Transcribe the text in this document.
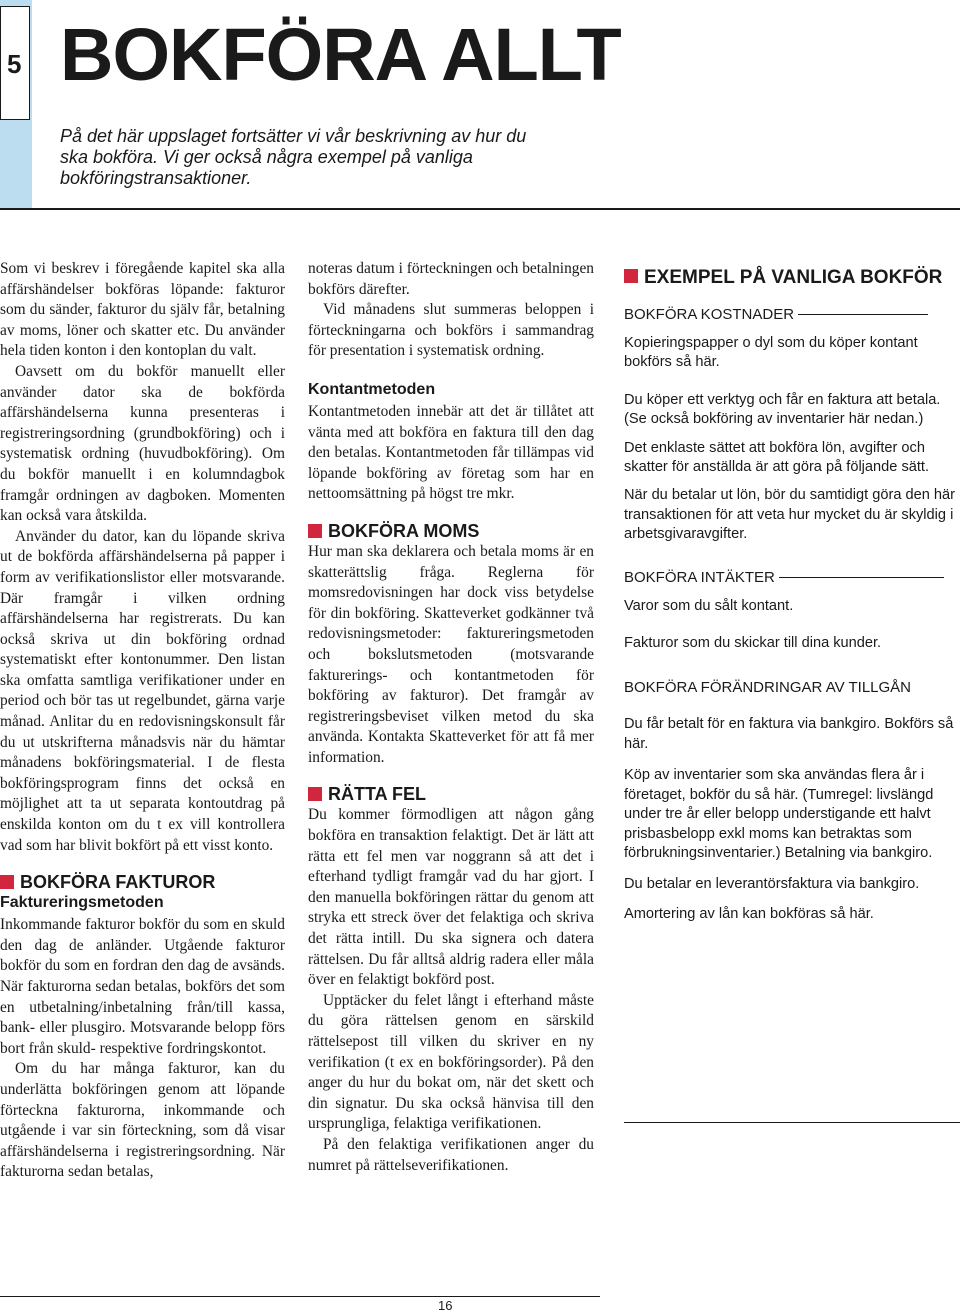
5 BOKFÖRA ALLT
På det här uppslaget fortsätter vi vår beskrivning av hur du ska bokföra. Vi ger också några exempel på vanliga bokföringstransaktioner.

Som vi beskrev i föregående kapitel ska alla affärshändelser bokföras löpande: fakturor som du sänder, fakturor du själv får, betalning av moms, löner och skatter etc. Du använder hela tiden konton i den kontoplan du valt.

Oavsett om du bokför manuellt eller använder dator ska de bokförda affärshändelserna kunna presenteras i registreringsordning (grundbokföring) och i systematisk ordning (huvudbokföring). Om du bokför manuellt i en kolumndagbok framgår ordningen av dagboken. Momenten kan också vara åtskilda.

Använder du dator, kan du löpande skriva ut de bokförda affärshändelserna på papper i form av verifikationslistor eller motsvarande. Där framgår i vilken ordning affärshändelserna har registrerats. Du kan också skriva ut din bokföring ordnad systematiskt efter kontonummer. Den listan ska omfatta samtliga verifikationer under en period och bör tas ut regelbundet, gärna varje månad. Anlitar du en redovisningskonsult får du ut utskrifterna månadsvis när du hämtar månadens bokföringsmaterial. I de flesta bokföringsprogram finns det också en möjlighet att ta ut separata kontoutdrag på enskilda konton om du t ex vill kontrollera vad som har blivit bokfört på ett visst konto.

BOKFÖRA FAKTUROR
Faktureringsmetoden

Inkommande fakturor bokför du som en skuld den dag de anländer. Utgående fakturor bokför du som en fordran den dag de avsänds. När fakturorna sedan betalas, bokförs det som en utbetalning/inbetalning från/till kassa, bank- eller plusgiro. Motsvarande belopp förs bort från skuld- respektive fordringskontot.

Om du har många fakturor, kan du underlätta bokföringen genom att löpande förteckna fakturorna, inkommande och utgående i var sin förteckning, som då visar affärshändelserna i registreringsordning. När fakturorna sedan betalas,

noteras datum i förteckningen och betalningen bokförs därefter.

Vid månadens slut summeras beloppen i förteckningarna och bokförs i sammandrag för presentation i systematisk ordning.

Kontantmetoden

Kontantmetoden innebär att det är tillåtet att vänta med att bokföra en faktura till den dag den betalas. Kontantmetoden får tillämpas vid löpande bokföring av företag som har en nettoomsättning på högst tre mkr.

BOKFÖRA MOMS

Hur man ska deklarera och betala moms är en skatterättslig fråga. Reglerna för momsredovisningen har dock viss betydelse för din bokföring. Skatteverket godkänner två redovisningsmetoder: faktureringsmetoden och bokslutsmetoden (motsvarande fakturerings- och kontantmetoden för bokföring av fakturor). Det framgår av registreringsbeviset vilken metod du ska använda. Kontakta Skatteverket för att få mer information.

RÄTTA FEL

Du kommer förmodligen att någon gång bokföra en transaktion felaktigt. Det är lätt att rätta ett fel men var noggrann så att det i efterhand tydligt framgår vad du har gjort. I den manuella bokföringen rättar du genom att stryka ett streck över det felaktiga och skriva det rätta intill. Du ska signera och datera rättelsen. Du får alltså aldrig radera eller måla över en felaktigt bokförd post.

Upptäcker du felet långt i efterhand måste du göra rättelsen genom en särskild rättelsepost till vilken du skriver en ny verifikation (t ex en bokföringsorder). På den anger du hur du bokat om, när det skett och din signatur. Du ska också hänvisa till den ursprungliga, felaktiga verifikationen.

På den felaktiga verifikationen anger du numret på rättelseverifikationen.

EXEMPEL PÅ VANLIGA BOKFÖR
BOKFÖRA KOSTNADER

Kopieringspapper o dyl som du köper kontant bokförs så här.

Du köper ett verktyg och får en faktura att betala. (Se också bokföring av inventarier här nedan.)

Det enklaste sättet att bokföra lön, avgifter och skatter för anställda är att göra på följande sätt.

När du betalar ut lön, bör du samtidigt göra den här transaktionen för att veta hur mycket du är skyldig i arbetsgivaravgifter.

BOKFÖRA INTÄKTER

Varor som du sålt kontant.

Fakturor som du skickar till dina kunder.

BOKFÖRA FÖRÄNDRINGAR AV TILLGÅN

Du får betalt för en faktura via bankgiro. Bokförs så här.

Köp av inventarier som ska användas flera år i företaget, bokför du så här. (Tumregel: livslängd under tre år eller belopp understigande ett halvt prisbasbelopp exkl moms kan betraktas som förbrukningsinventarier.) Betalning via bankgiro.

Du betalar en leverantörsfaktura via bankgiro.

Amortering av lån kan bokföras så här.

16
